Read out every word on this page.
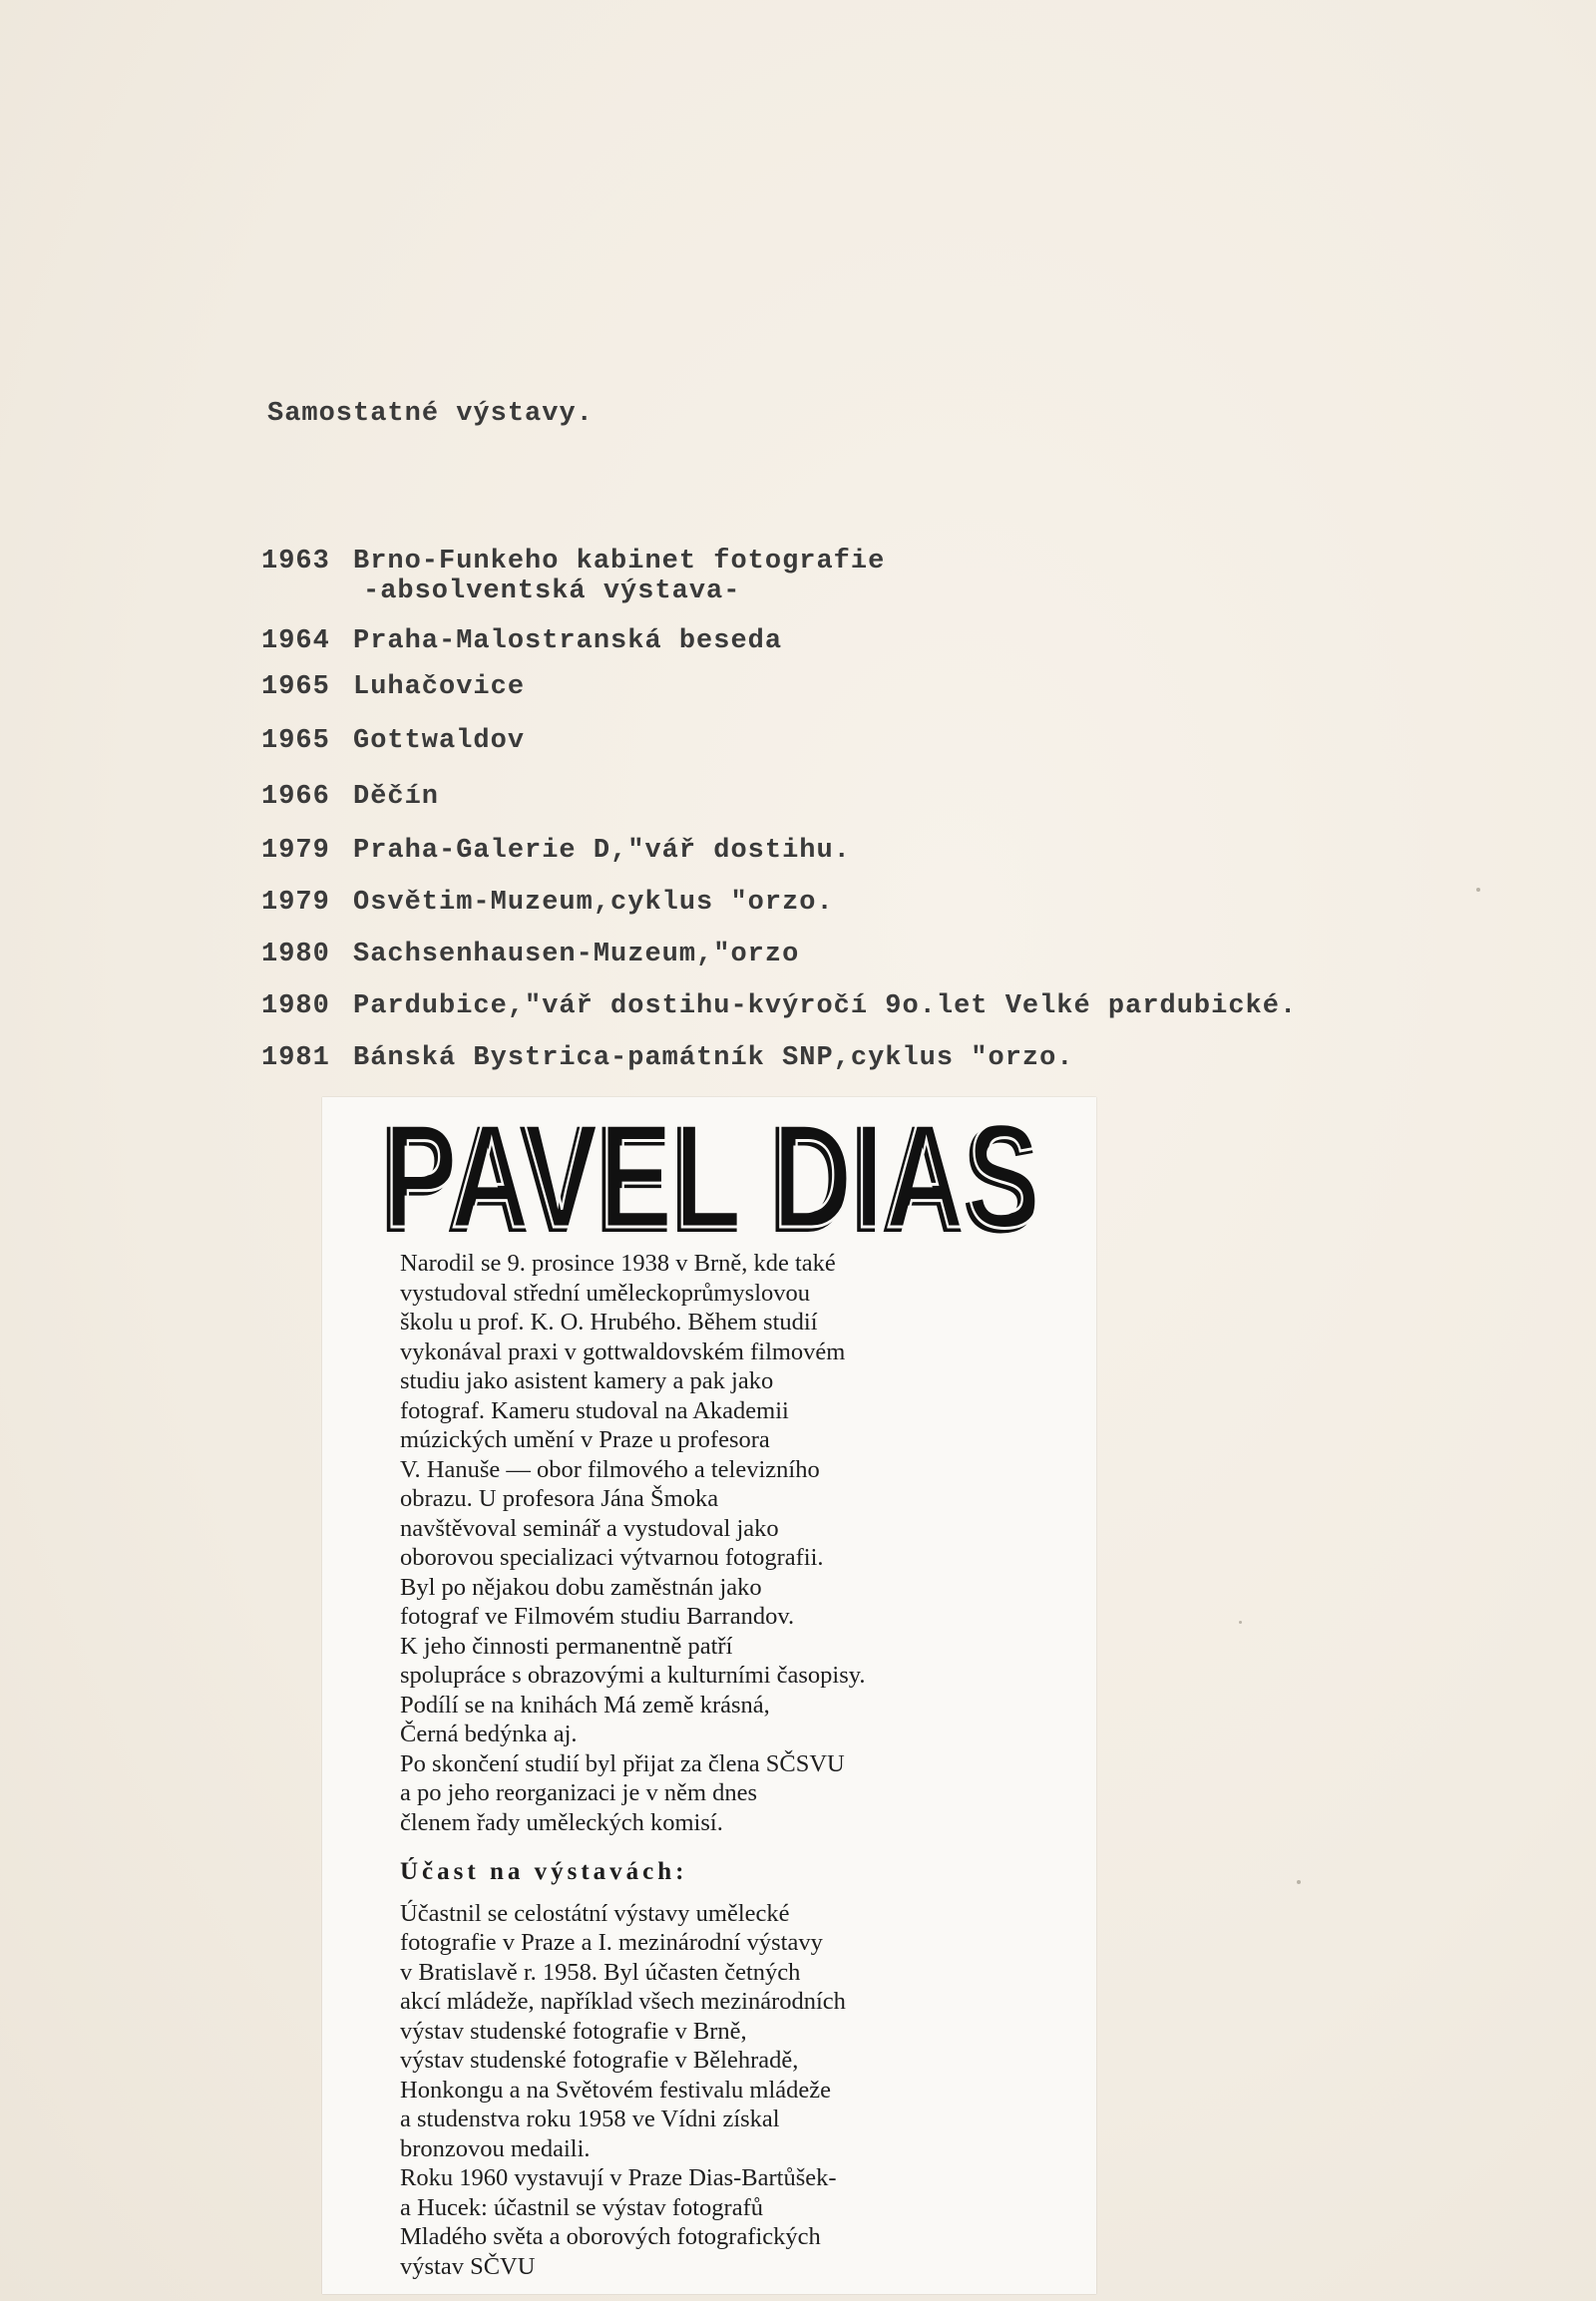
Samostatné výstavy.
1963 Brno-Funkeho kabinet fotografie
-absolventská výstava-
1964 Praha-Malostranská beseda
1965 Luhačovice
1965 Gottwaldov
1966 Děčín
1979 Praha-Galerie D,"vář dostihu.
1979 Osvětim-Muzeum,cyklus "orzo.
1980 Sachsenhausen-Muzeum,"orzo
1980 Pardubice,"vář dostihu-kvýročí 9o.let Velké pardubické.
1981 Bánská Bystrica-památník SNP,cyklus "orzo.
PAVEL DIAS
PAVEL DIAS

Narodil se 9. prosince 1938 v Brně, kde také

vystudoval střední uměleckoprůmyslovou

školu u prof. K. O. Hrubého. Během studií

vykonával praxi v gottwaldovském filmovém

studiu jako asistent kamery a pak jako

fotograf. Kameru studoval na Akademii

múzických umění v Praze u profesora

V. Hanuše — obor filmového a televizního

obrazu. U profesora Jána Šmoka

navštěvoval seminář a vystudoval jako

oborovou specializaci výtvarnou fotografii.

Byl po nějakou dobu zaměstnán jako

fotograf ve Filmovém studiu Barrandov.

K jeho činnosti permanentně patří

spolupráce s obrazovými a kulturními časopisy.

Podílí se na knihách Má země krásná,

Černá bedýnka aj.

Po skončení studií byl přijat za člena SČSVU

a po jeho reorganizaci je v něm dnes

členem řady uměleckých komisí.

Účast na výstavách:

Účastnil se celostátní výstavy umělecké

fotografie v Praze a I. mezinárodní výstavy

v Bratislavě r. 1958. Byl účasten četných

akcí mládeže, například všech mezinárodních

výstav studenské fotografie v Brně,

výstav studenské fotografie v Bělehradě,

Honkongu a na Světovém festivalu mládeže

a studenstva roku 1958 ve Vídni získal

bronzovou medaili.

Roku 1960 vystavují v Praze Dias-Bartůšek-

a Hucek: účastnil se výstav fotografů

Mladého světa a oborových fotografických

výstav SČVU
